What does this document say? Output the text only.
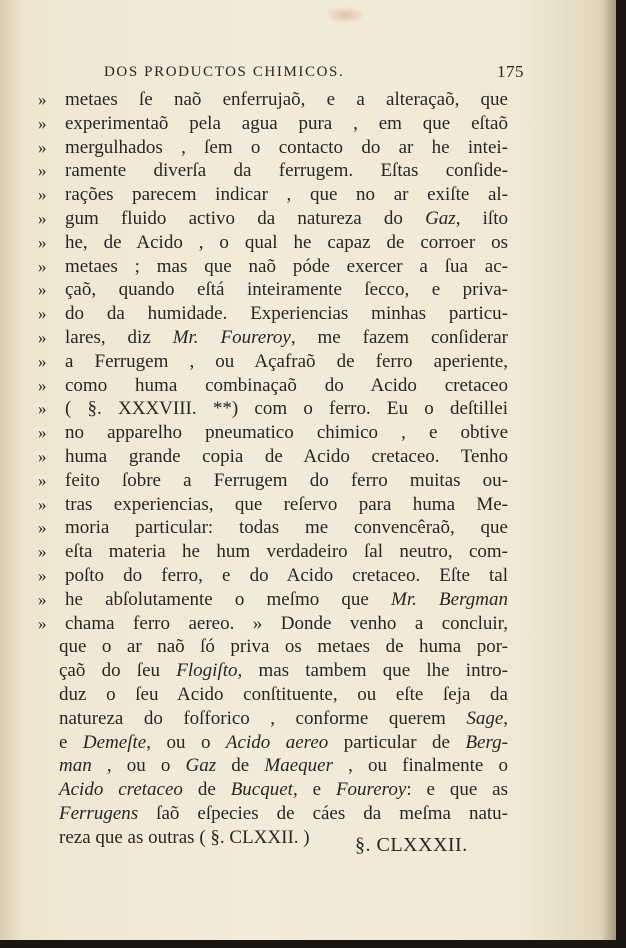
DOS PRODUCTOS CHIMICOS.	175
» metaes ſe naõ enferrujaõ, e a alteraçaõ, que
» experimentaõ pela agua pura , em que eſtaõ
» mergulhados , ſem o contacto do ar he intei-
» ramente diverſa da ferrugem. Eſtas conſide-
» rações parecem indicar , que no ar exiſte al-
» gum fluido activo da natureza do Gaz, iſto
» he, de Acido , o qual he capaz de corroer os
» metaes ; mas que naõ póde exercer a ſua ac-
» çaõ, quando eſtá inteiramente ſecco, e priva-
» do da humidade. Experiencias minhas particu-
» lares, diz Mr. Foureroy, me fazem conſiderar
» a Ferrugem , ou Açafraõ de ferro aperiente,
» como huma combinaçaõ do Acido cretaceo
» ( §. XXXVIII. **) com o ferro. Eu o deſtillei
» no apparelho pneumatico chimico , e obtive
» huma grande copia de Acido cretaceo. Tenho
» feito ſobre a Ferrugem do ferro muitas ou-
» tras experiencias, que reſervo para huma Me-
» moria particular: todas me convencêraõ, que
» eſta materia he hum verdadeiro ſal neutro, com-
» poſto do ferro, e do Acido cretaceo. Eſte tal
» he abſolutamente o meſmo que Mr. Bergman
» chama ferro aereo. » Donde venho a concluir,
que o ar naõ ſó priva os metaes de huma por-
çaõ do ſeu Flogiſto, mas tambem que lhe intro-
duz o ſeu Acido conſtituente, ou eſte ſeja da
natureza do foſforico , conforme querem Sage,
e Demeſte, ou o Acido aereo particular de Berg-
man , ou o Gaz de Maequer , ou finalmente o
Acido cretaceo de Bucquet, e Foureroy: e que as
Ferrugens ſaõ eſpecies de cáes da meſma natu-
reza que as outras ( §. CLXXII. )	§. CLXXXII.
